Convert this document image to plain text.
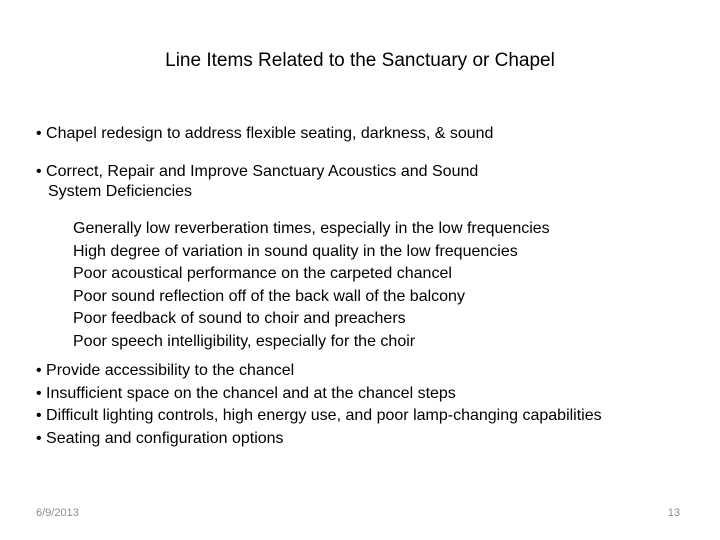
Line Items Related to the Sanctuary or Chapel
• Chapel redesign to address flexible seating, darkness, & sound
• Correct, Repair and Improve Sanctuary Acoustics and Sound
System Deficiencies
Generally low reverberation times, especially in the low frequencies
High degree of variation in sound quality in the low frequencies
Poor acoustical performance on the carpeted chancel
Poor sound reflection off of the back wall of the balcony
Poor feedback of sound to choir and preachers
Poor speech intelligibility, especially for the choir
• Provide accessibility to the chancel
• Insufficient space on the chancel and at the chancel steps
• Difficult lighting controls, high energy use, and poor lamp-changing capabilities
• Seating and configuration options
6/9/2013	13
